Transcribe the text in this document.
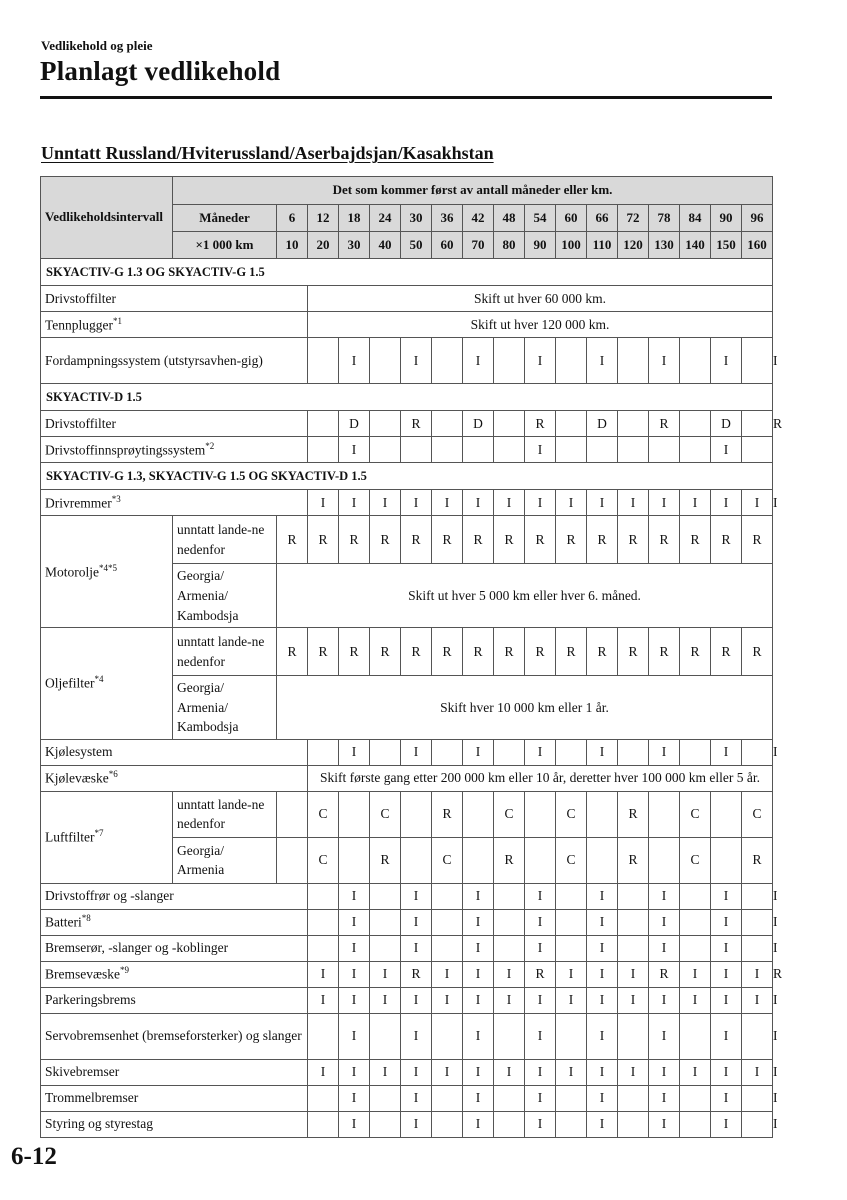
Vedlikehold og pleie
Planlagt vedlikehold
Unntatt Russland/Hviterussland/Aserbajdsjan/Kasakhstan
Vedlikeholdsintervall	Det som kommer først av antall måneder eller km.																	
	Måneder	6	12	18	24	30	36	42	48	54	60	66	72	78	84	90	96	
	×1 000 km	10	20	30	40	50	60	70	80	90	100	110	120	130	140	150	160	
SKYACTIV-G 1.3 OG SKYACTIV-G 1.5																		
Drivstoffilter			Skift ut hver 60 000 km.															
Tennplugger$^{*1}$			Skift ut hver 120 000 km.															
Fordampningssystem (utstyrsavhen-gig)				I		I		I		I		I		I		I		I
SKYACTIV-D 1.5																		
Drivstoffilter				D		R		D		R		D		R		D		R
Drivstoffinnsprøytingssystem$^{*2}$				I						I						I		
SKYACTIV-G 1.3, SKYACTIV-G 1.5 OG SKYACTIV-D 1.5																		
Drivremmer$^{*3}$			I	I	I	I	I	I	I	I	I	I	I	I	I	I	I	I
Motorolje$^{*4*5}$	unntatt lande-ne nedenfor	R	R	R	R	R	R	R	R	R	R	R	R	R	R	R	R	
	Georgia/ Armenia/ Kambodsja	Skift ut hver 5 000 km eller hver 6. måned.																
Oljefilter$^{*4}$	unntatt lande-ne nedenfor	R	R	R	R	R	R	R	R	R	R	R	R	R	R	R	R	
	Georgia/ Armenia/ Kambodsja	Skift hver 10 000 km eller 1 år.																
Kjølesystem				I		I		I		I		I		I		I		I
Kjølevæske$^{*6}$			Skift første gang etter 200 000 km eller 10 år, deretter hver 100 000 km eller 5 år.															
Luftfilter$^{*7}$	unntatt lande-ne nedenfor		C		C		R		C		C		R		C		C	
	Georgia/ Armenia		C		R		C		R		C		R		C		R	
Drivstoffrør og -slanger				I		I		I		I		I		I		I		I
Batteri$^{*8}$				I		I		I		I		I		I		I		I
Bremserør, -slanger og -koblinger				I		I		I		I		I		I		I		I
Bremsevæske$^{*9}$			I	I	I	R	I	I	I	R	I	I	I	R	I	I	I	R
Parkeringsbrems			I	I	I	I	I	I	I	I	I	I	I	I	I	I	I	I
Servobremsenhet (bremseforsterker) og slanger				I		I		I		I		I		I		I		I
Skivebremser			I	I	I	I	I	I	I	I	I	I	I	I	I	I	I	I
Trommelbremser				I		I		I		I		I		I		I		I
Styring og styrestag				I		I		I		I		I		I		I		I
6-12
